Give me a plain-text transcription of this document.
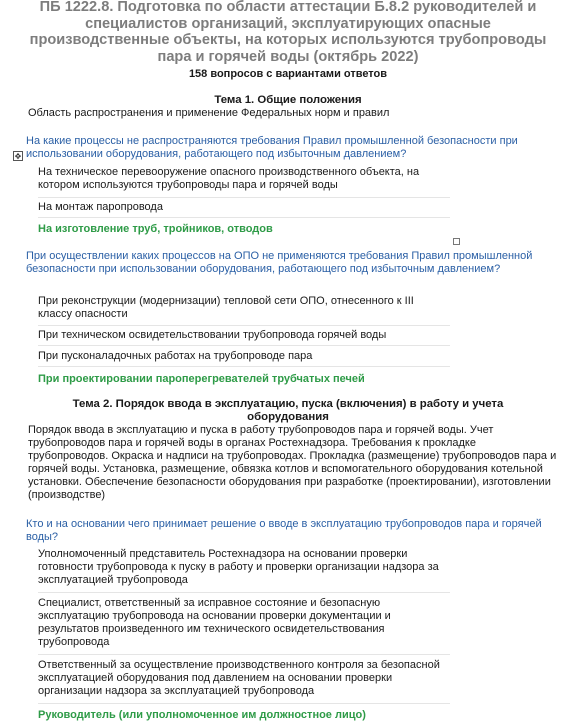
ПБ 1222.8. Подготовка по области аттестации Б.8.2 руководителей и специалистов организаций, эксплуатирующих опасные производственные объекты, на которых используются трубопроводы пара и горячей воды (октябрь 2022)
158 вопросов с вариантами ответов
Тема 1. Общие положения
Область распространения и применение Федеральных норм и правил
✥
На какие процессы не распространяются требования Правил промышленной безопасности при использовании оборудования, работающего под избыточным давлением?
На техническое перевооружение опасного производственного объекта, на котором используются трубопроводы пара и горячей воды
На монтаж паропровода
На изготовление труб, тройников, отводов
При осуществлении каких процессов на ОПО не применяются требования Правил промышленной безопасности при использовании оборудования, работающего под избыточным давлением?
При реконструкции (модернизации) тепловой сети ОПО, отнесенного к III классу опасности
При техническом освидетельствовании трубопровода горячей воды
При пусконаладочных работах на трубопроводе пара
При проектировании пароперегревателей трубчатых печей
Тема 2. Порядок ввода в эксплуатацию, пуска (включения) в работу и учета оборудования
Порядок ввода в эксплуатацию и пуска в работу трубопроводов пара и горячей воды. Учет трубопроводов пара и горячей воды в органах Ростехнадзора. Требования к прокладке трубопроводов. Окраска и надписи на трубопроводах. Прокладка (размещение) трубопроводов пара и горячей воды. Установка, размещение, обвязка котлов и вспомогательного оборудования котельной установки. Обеспечение безопасности оборудования при разработке (проектировании), изготовлении (производстве)
Кто и на основании чего принимает решение о вводе в эксплуатацию трубопроводов пара и горячей воды?
Уполномоченный представитель Ростехнадзора на основании проверки готовности трубопровода к пуску в работу и проверки организации надзора за эксплуатацией трубопровода
Специалист, ответственный за исправное состояние и безопасную эксплуатацию трубопровода на основании проверки документации и результатов произведенного им технического освидетельствования трубопровода
Ответственный за осуществление производственного контроля за безопасной эксплуатацией оборудования под давлением на основании проверки организации надзора за эксплуатацией трубопровода
Руководитель (или уполномоченное им должностное лицо)
